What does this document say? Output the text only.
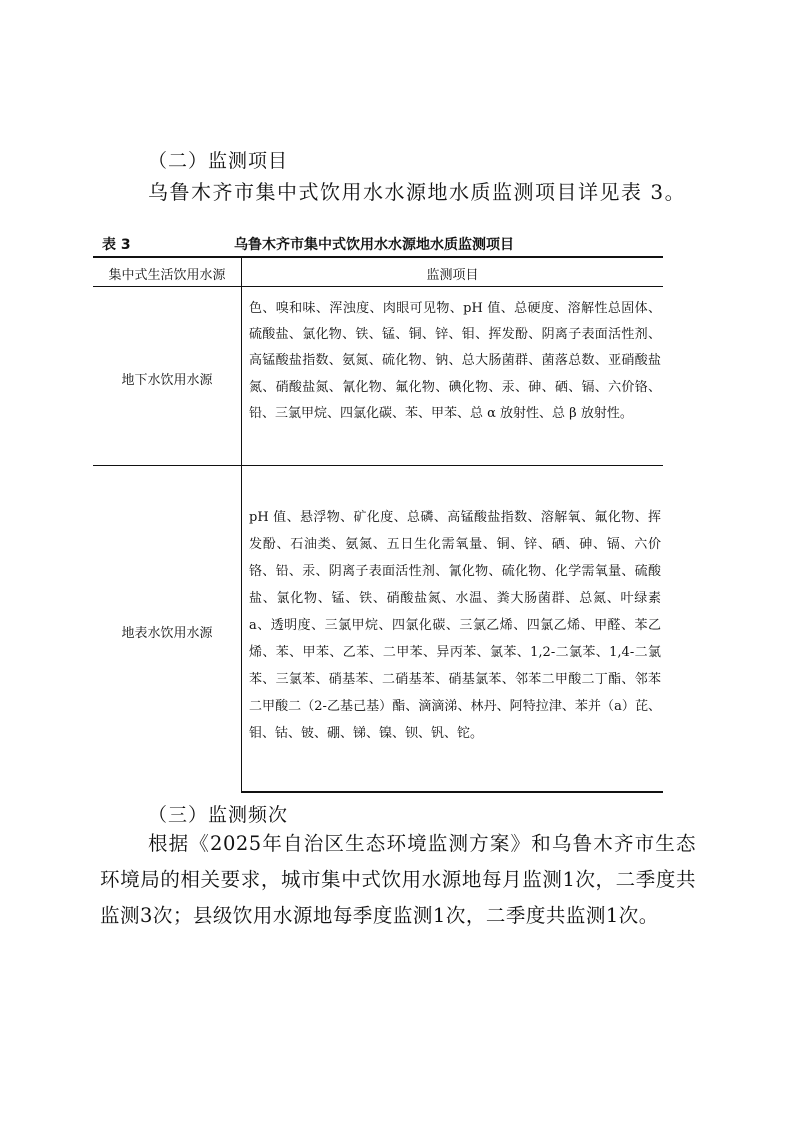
（二）监测项目
乌鲁木齐市集中式饮用水水源地水质监测项目详见表 3。
表 3	乌鲁木齐市集中式饮用水水源地水质监测项目
集中式生活饮用水源	监测项目
地下水饮用水源
色、嗅和味、浑浊度、肉眼可见物、pH 值、总硬度、溶解性总固体、硫酸盐、氯化物、铁、锰、铜、锌、钼、挥发酚、阴离子表面活性剂、高锰酸盐指数、氨氮、硫化物、钠、总大肠菌群、菌落总数、亚硝酸盐氮、硝酸盐氮、氰化物、氟化物、碘化物、汞、砷、硒、镉、六价铬、铅、三氯甲烷、四氯化碳、苯、甲苯、总 α 放射性、总 β 放射性。
地表水饮用水源
pH 值、悬浮物、矿化度、总磷、高锰酸盐指数、溶解氧、氟化物、挥发酚、石油类、氨氮、五日生化需氧量、铜、锌、硒、砷、镉、六价铬、铅、汞、阴离子表面活性剂、氰化物、硫化物、化学需氧量、硫酸盐、氯化物、锰、铁、硝酸盐氮、水温、粪大肠菌群、总氮、叶绿素 a、透明度、三氯甲烷、四氯化碳、三氯乙烯、四氯乙烯、甲醛、苯乙烯、苯、甲苯、乙苯、二甲苯、异丙苯、氯苯、1,2-二氯苯、1,4-二氯苯、三氯苯、硝基苯、二硝基苯、硝基氯苯、邻苯二甲酸二丁酯、邻苯二甲酸二（2-乙基己基）酯、滴滴涕、林丹、阿特拉津、苯并（a）芘、钼、钴、铍、硼、锑、镍、钡、钒、铊。
（三）监测频次
根据《2025年自治区生态环境监测方案》和乌鲁木齐市生态环境局的相关要求，城市集中式饮用水源地每月监测1次，二季度共监测3次；县级饮用水源地每季度监测1次，二季度共监测1次。
